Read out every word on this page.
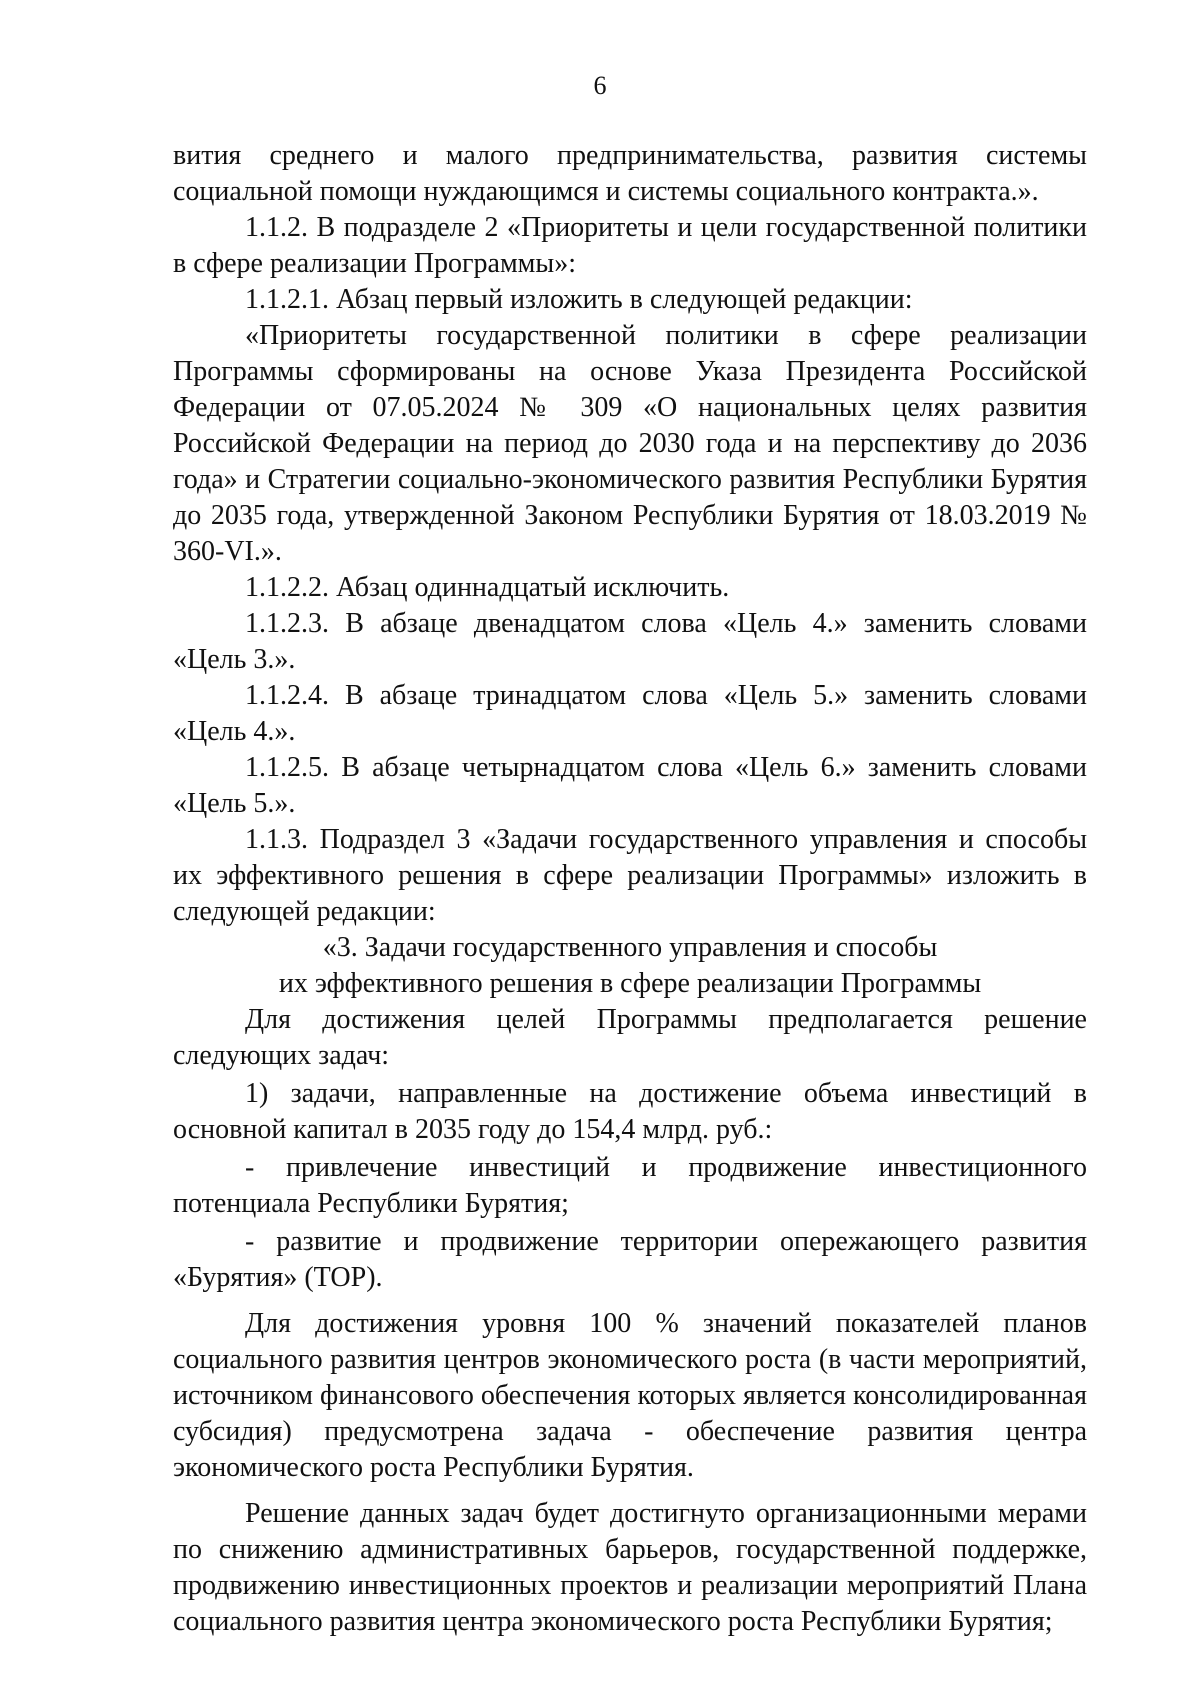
6

вития среднего и малого предпринимательства, развития системы социальной помощи нуждающимся и системы социального контракта.».

1.1.2. В подразделе 2 «Приоритеты и цели государственной политики в сфере реализации Программы»:

1.1.2.1. Абзац первый изложить в следующей редакции:

«Приоритеты государственной политики в сфере реализации Программы сформированы на основе Указа Президента Российской Федерации от 07.05.2024 № 309 «О национальных целях развития Российской Федерации на период до 2030 года и на перспективу до 2036 года» и Стратегии социально-экономического развития Республики Бурятия до 2035 года, утвержденной Законом Республики Бурятия от 18.03.2019 № 360-VI.».

1.1.2.2. Абзац одиннадцатый исключить.

1.1.2.3. В абзаце двенадцатом слова «Цель 4.» заменить словами «Цель 3.».

1.1.2.4. В абзаце тринадцатом слова «Цель 5.» заменить словами «Цель 4.».

1.1.2.5. В абзаце четырнадцатом слова «Цель 6.» заменить словами «Цель 5.».

1.1.3. Подраздел 3 «Задачи государственного управления и способы их эффективного решения в сфере реализации Программы» изложить в следующей редакции:

«3. Задачи государственного управления и способы
их эффективного решения в сфере реализации Программы

Для достижения целей Программы предполагается решение следующих задач:

1) задачи, направленные на достижение объема инвестиций в основной капитал в 2035 году до 154,4 млрд. руб.:

- привлечение инвестиций и продвижение инвестиционного потенциала Республики Бурятия;

- развитие и продвижение территории опережающего развития «Бурятия» (ТОР).

Для достижения уровня 100 % значений показателей планов социального развития центров экономического роста (в части мероприятий, источником финансового обеспечения которых является консолидированная субсидия) предусмотрена задача - обеспечение развития центра экономического роста Республики Бурятия.

Решение данных задач будет достигнуто организационными мерами по снижению административных барьеров, государственной поддержке, продвижению инвестиционных проектов и реализации мероприятий Плана социального развития центра экономического роста Республики Бурятия;
